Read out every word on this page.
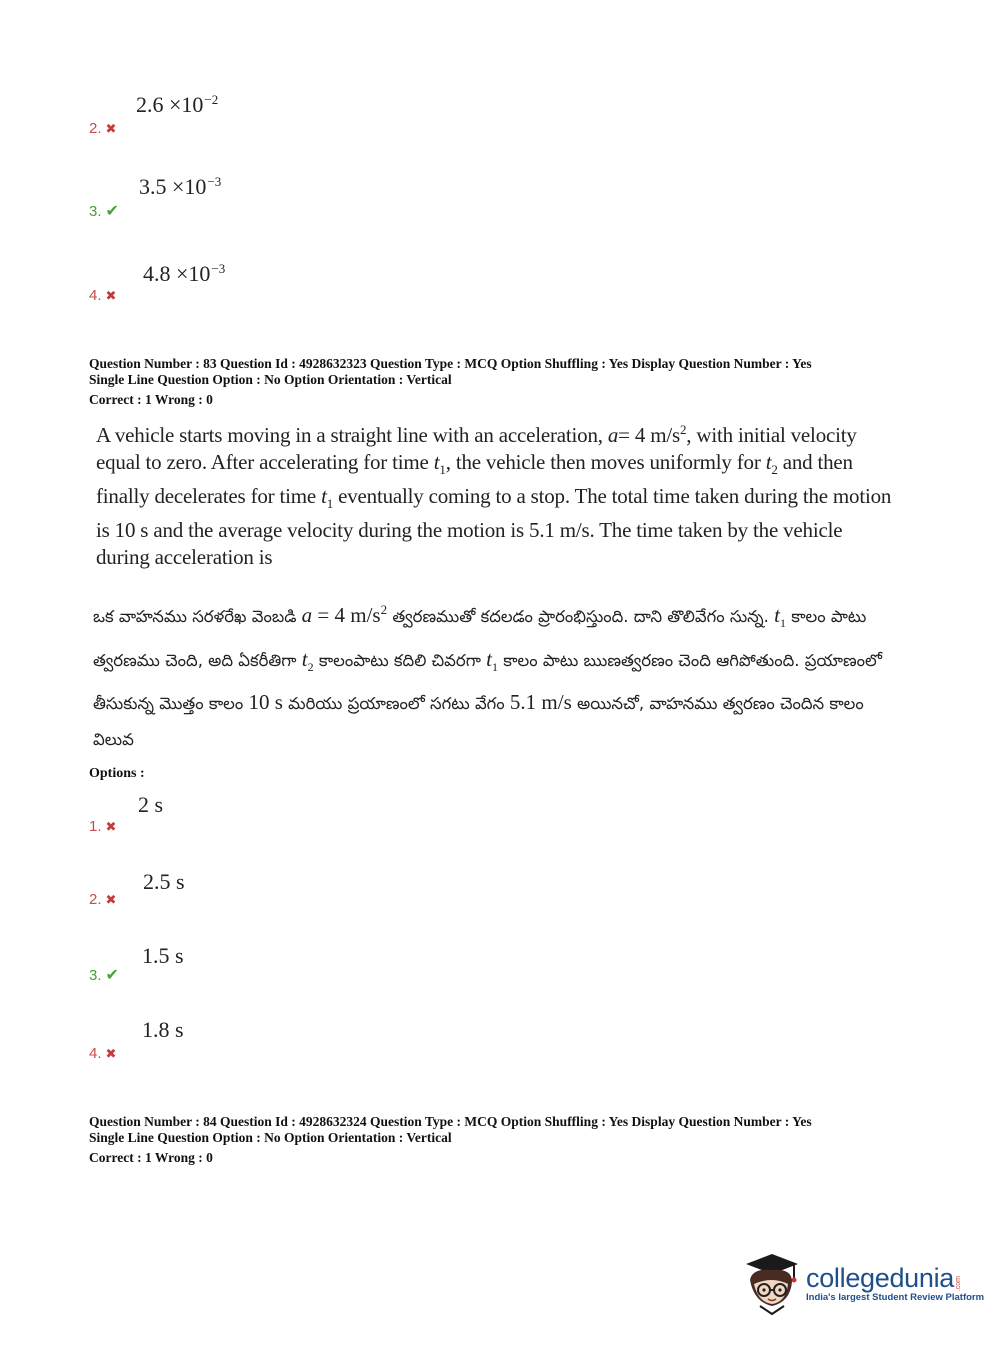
$2.6 \times 10^{-2}$
2. ✖
$3.5 \times 10^{-3}$
3. ✔
$4.8 \times 10^{-3}$
4. ✖
Question Number : 83 Question Id : 4928632323 Question Type : MCQ Option Shuffling : Yes Display Question Number : Yes
Single Line Question Option : No Option Orientation : Vertical
Correct : 1 Wrong : 0
A vehicle starts moving in a straight line with an acceleration, a= 4 $m/s^2$, with initial velocity equal to zero. After accelerating for time $t_1$, the vehicle then moves uniformly for $t_2$ and then finally decelerates for time $t_1$ eventually coming to a stop. The total time taken during the motion is 10 s and the average velocity during the motion is 5.1 m/s. The time taken by the vehicle during acceleration is
ఒక వాహనము సరళరేఖ వెంబడి a = 4 $m/s^2$ త్వరణముతో కదలడం ప్రారంభిస్తుంది. దాని తొలివేగం సున్న. $t_1$ కాలం పాటు త్వరణము చెంది, అది ఏకరీతిగా $t_2$ కాలంపాటు కదిలి చివరగా $t_1$ కాలం పాటు ఋణత్వరణం చెంది ఆగిపోతుంది. ప్రయాణంలో తీసుకున్న మొత్తం కాలం 10 s మరియు ప్రయాణంలో సగటు వేగం 5.1 m/s అయినచో, వాహనము త్వరణం చెందిన కాలం విలువ
Options :
2 s
1. ✖
2.5 s
2. ✖
1.5 s
3. ✔
1.8 s
4. ✖
Question Number : 84 Question Id : 4928632324 Question Type : MCQ Option Shuffling : Yes Display Question Number : Yes
Single Line Question Option : No Option Orientation : Vertical
Correct : 1 Wrong : 0
collegedunia .com
India's largest Student Review Platform
